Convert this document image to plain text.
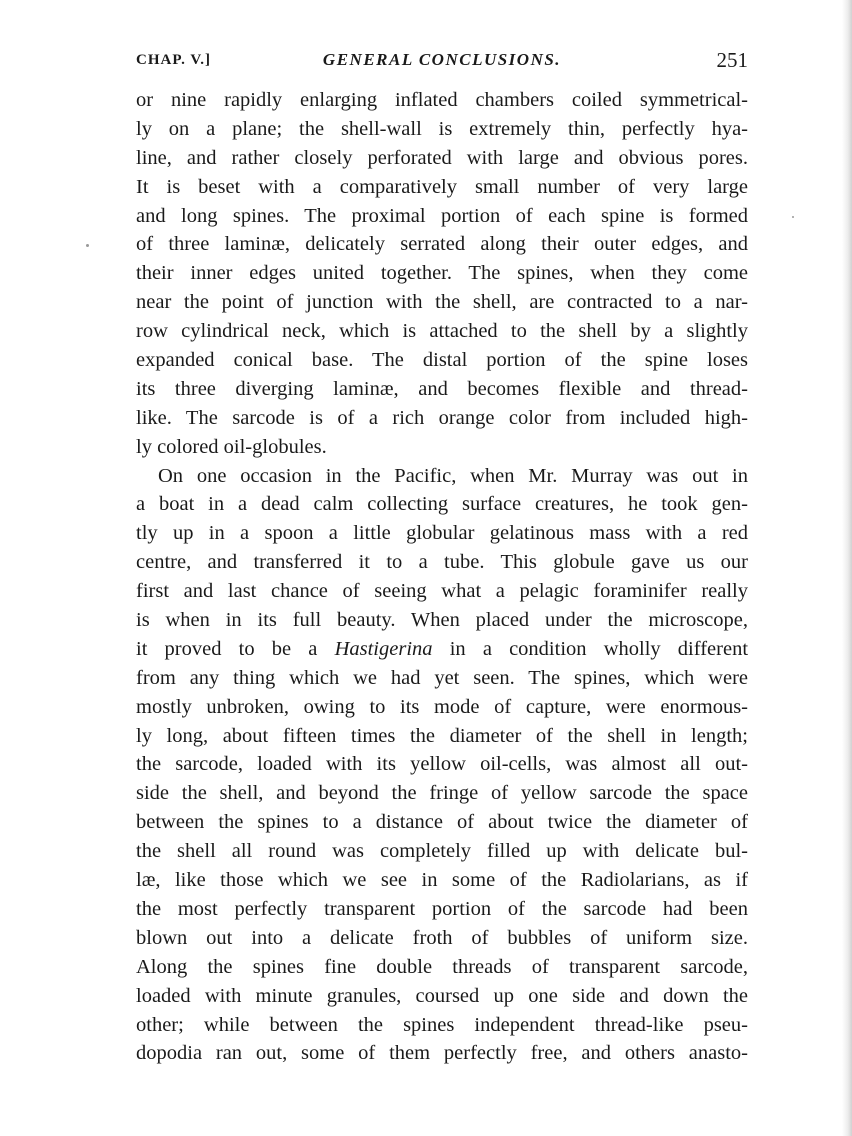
CHAP. V.]	GENERAL CONCLUSIONS.	251
or nine rapidly enlarging inflated chambers coiled symmetrical-
ly on a plane; the shell-wall is extremely thin, perfectly hya-
line, and rather closely perforated with large and obvious pores.
It is beset with a comparatively small number of very large
and long spines. The proximal portion of each spine is formed
of three laminæ, delicately serrated along their outer edges, and
their inner edges united together. The spines, when they come
near the point of junction with the shell, are contracted to a nar-
row cylindrical neck, which is attached to the shell by a slightly
expanded conical base. The distal portion of the spine loses
its three diverging laminæ, and becomes flexible and thread-
like. The sarcode is of a rich orange color from included high-
ly colored oil-globules.
On one occasion in the Pacific, when Mr. Murray was out in
a boat in a dead calm collecting surface creatures, he took gen-
tly up in a spoon a little globular gelatinous mass with a red
centre, and transferred it to a tube. This globule gave us our
first and last chance of seeing what a pelagic foraminifer really
is when in its full beauty. When placed under the microscope,
it proved to be a Hastigerina in a condition wholly different
from any thing which we had yet seen. The spines, which were
mostly unbroken, owing to its mode of capture, were enormous-
ly long, about fifteen times the diameter of the shell in length;
the sarcode, loaded with its yellow oil-cells, was almost all out-
side the shell, and beyond the fringe of yellow sarcode the space
between the spines to a distance of about twice the diameter of
the shell all round was completely filled up with delicate bul-
læ, like those which we see in some of the Radiolarians, as if
the most perfectly transparent portion of the sarcode had been
blown out into a delicate froth of bubbles of uniform size.
Along the spines fine double threads of transparent sarcode,
loaded with minute granules, coursed up one side and down the
other; while between the spines independent thread-like pseu-
dopodia ran out, some of them perfectly free, and others anasto-
